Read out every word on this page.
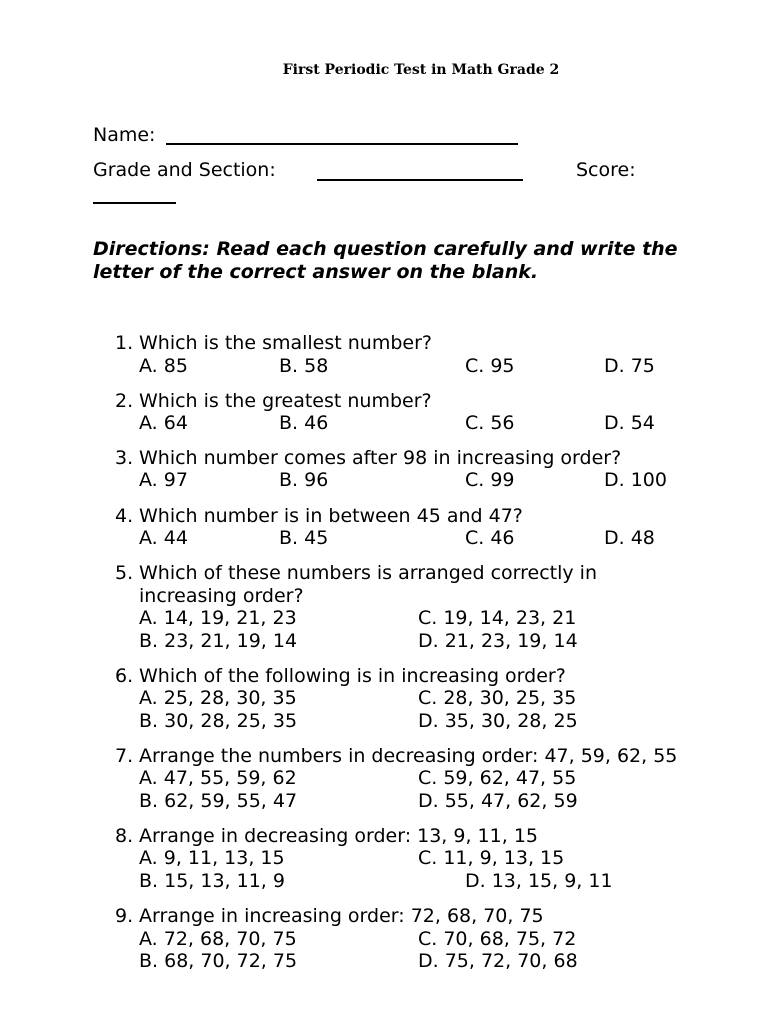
First Periodic Test in Math Grade 2
Name:
Grade and Section:	Score:
Directions: Read each question carefully and write the letter of the correct answer on the blank.
1. Which is the smallest number?
A. 85	B. 58	C. 95	D. 75
2. Which is the greatest number?
A. 64	B. 46	C. 56	D. 54
3. Which number comes after 98 in increasing order?
A. 97	B. 96	C. 99	D. 100
4. Which number is in between 45 and 47?
A. 44	B. 45	C. 46	D. 48
5. Which of these numbers is arranged correctly in
increasing order?
A. 14, 19, 21, 23	C. 19, 14, 23, 21
B. 23, 21, 19, 14	D. 21, 23, 19, 14
6. Which of the following is in increasing order?
A. 25, 28, 30, 35	C. 28, 30, 25, 35
B. 30, 28, 25, 35	D. 35, 30, 28, 25
7. Arrange the numbers in decreasing order: 47, 59, 62, 55
A. 47, 55, 59, 62	C. 59, 62, 47, 55
B. 62, 59, 55, 47	D. 55, 47, 62, 59
8. Arrange in decreasing order: 13, 9, 11, 15
A. 9, 11, 13, 15	C. 11, 9, 13, 15
B. 15, 13, 11, 9	D. 13, 15, 9, 11
9. Arrange in increasing order: 72, 68, 70, 75
A. 72, 68, 70, 75	C. 70, 68, 75, 72
B. 68, 70, 72, 75	D. 75, 72, 70, 68
